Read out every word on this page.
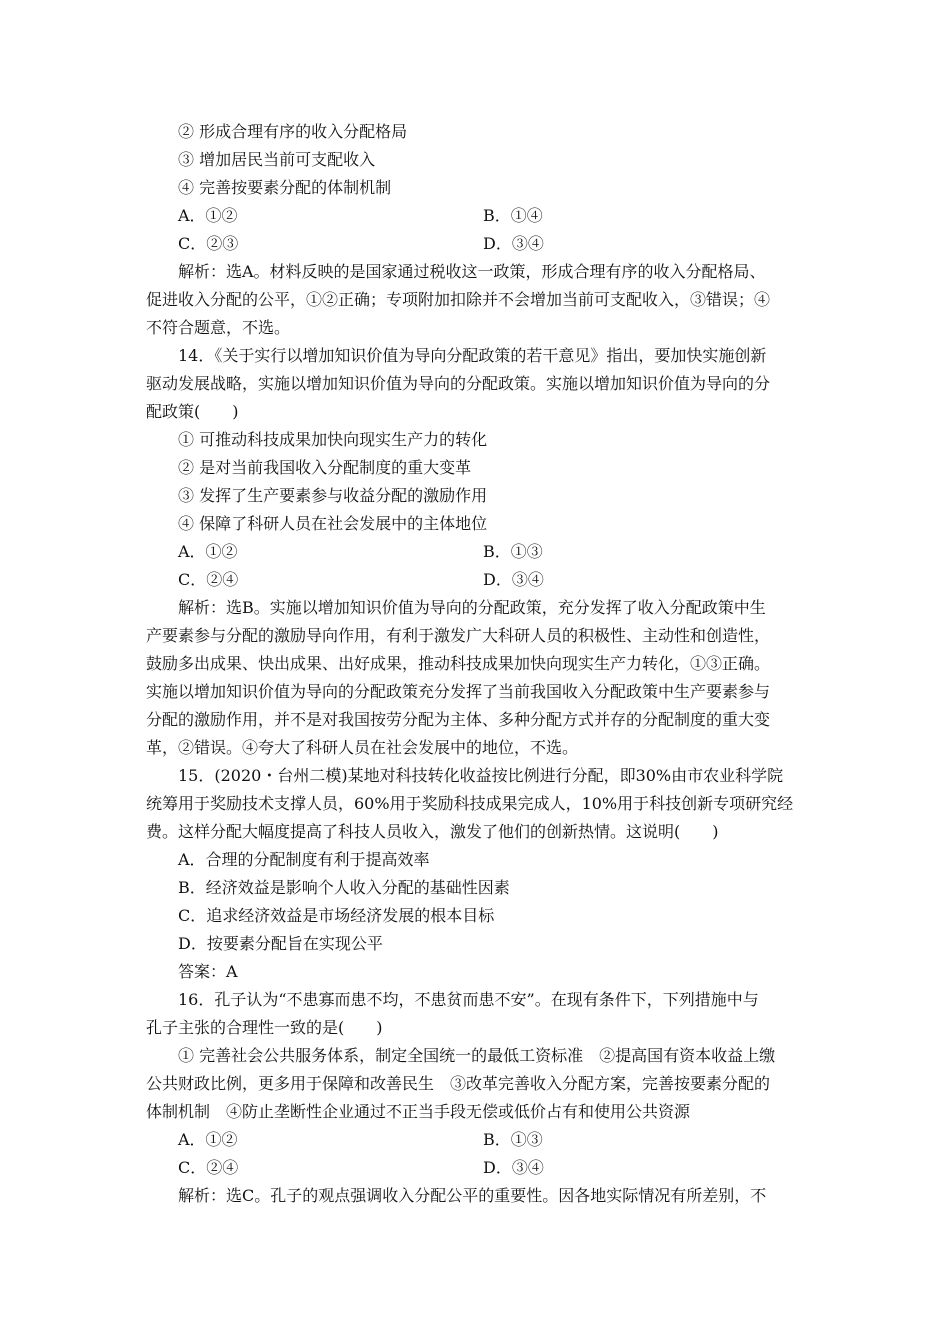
② 形成合理有序的收入分配格局
③ 增加居民当前可支配收入
④ 完善按要素分配的体制机制
A．①②	B．①④
C．②③	D．③④
解析：选A。材料反映的是国家通过税收这一政策，形成合理有序的收入分配格局、
促进收入分配的公平，①②正确；专项附加扣除并不会增加当前可支配收入，③错误；④
不符合题意，不选。
14．《关于实行以增加知识价值为导向分配政策的若干意见》指出，要加快实施创新
驱动发展战略，实施以增加知识价值为导向的分配政策。实施以增加知识价值为导向的分
配政策(　　)
① 可推动科技成果加快向现实生产力的转化
② 是对当前我国收入分配制度的重大变革
③ 发挥了生产要素参与收益分配的激励作用
④ 保障了科研人员在社会发展中的主体地位
A．①②	B．①③
C．②④	D．③④
解析：选B。实施以增加知识价值为导向的分配政策，充分发挥了收入分配政策中生
产要素参与分配的激励导向作用，有利于激发广大科研人员的积极性、主动性和创造性，
鼓励多出成果、快出成果、出好成果，推动科技成果加快向现实生产力转化，①③正确。
实施以增加知识价值为导向的分配政策充分发挥了当前我国收入分配政策中生产要素参与
分配的激励作用，并不是对我国按劳分配为主体、多种分配方式并存的分配制度的重大变
革，②错误。④夸大了科研人员在社会发展中的地位，不选。
15．(2020・台州二模)某地对科技转化收益按比例进行分配，即30%由市农业科学院
统筹用于奖励技术支撑人员，60%用于奖励科技成果完成人，10%用于科技创新专项研究经
费。这样分配大幅度提高了科技人员收入，激发了他们的创新热情。这说明(　　)
A．合理的分配制度有利于提高效率
B．经济效益是影响个人收入分配的基础性因素
C．追求经济效益是市场经济发展的根本目标
D．按要素分配旨在实现公平
答案：A
16．孔子认为“不患寡而患不均，不患贫而患不安”。在现有条件下，下列措施中与
孔子主张的合理性一致的是(　　)
① 完善社会公共服务体系，制定全国统一的最低工资标准　②提高国有资本收益上缴
公共财政比例，更多用于保障和改善民生　③改革完善收入分配方案，完善按要素分配的
体制机制　④防止垄断性企业通过不正当手段无偿或低价占有和使用公共资源
A．①②	B．①③
C．②④	D．③④
解析：选C。孔子的观点强调收入分配公平的重要性。因各地实际情况有所差别，不
